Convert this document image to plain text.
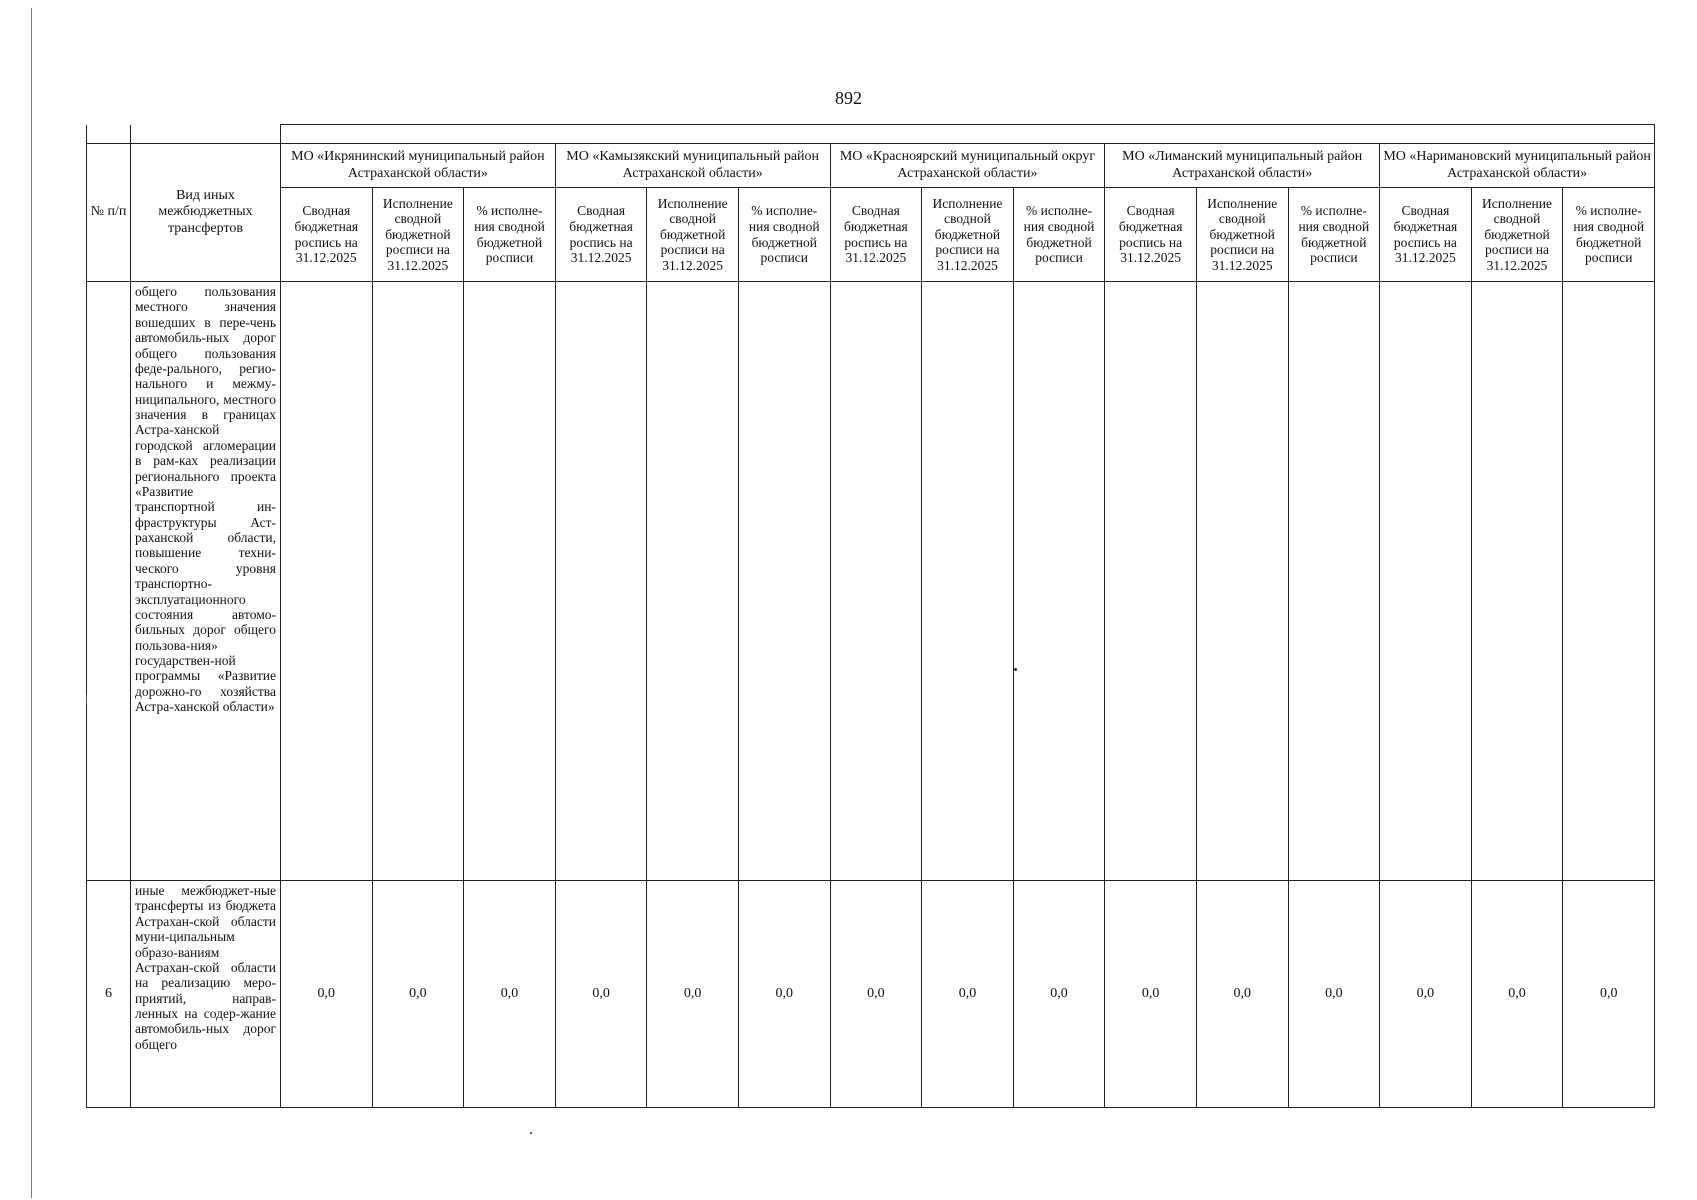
892

№ п/п	Вид иных межбюджетных трансфертов	МО «Икрянинский муниципальный район Астраханской области»			МО «Камызякский муниципальный район Астраханской области»			МО «Красноярский муниципальный округ Астраханской области»			МО «Лиманский муниципальный район Астраханской области»			МО «Наримановский муниципальный район Астраханской области»		
		Сводная бюджетная роспись на 31.12.2025	Исполнение сводной бюджетной росписи на 31.12.2025	% исполне-ния сводной бюджетной росписи	Сводная бюджетная роспись на 31.12.2025	Исполнение сводной бюджетной росписи на 31.12.2025	% исполне-ния сводной бюджетной росписи	Сводная бюджетная роспись на 31.12.2025	Исполнение сводной бюджетной росписи на 31.12.2025	% исполне-ния сводной бюджетной росписи	Сводная бюджетная роспись на 31.12.2025	Исполнение сводной бюджетной росписи на 31.12.2025	% исполне-ния сводной бюджетной росписи	Сводная бюджетная роспись на 31.12.2025	Исполнение сводной бюджетной росписи на 31.12.2025	% исполне-ния сводной бюджетной росписи
	общего пользования местного значения вошедших в пере-чень автомобиль-ных дорог общего пользования феде-рального, регио-нального и межму-ниципального, местного значения в границах Астра-ханской городской агломерации в рам-ках реализации регионального проекта «Развитие транспортной ин-фраструктуры Аст-раханской области, повышение техни-ческого уровня транспортно-эксплуатационного состояния автомо-бильных дорог общего пользова-ния» государствен-ной программы «Развитие дорожно-го хозяйства Астра-ханской области»															
6	иные межбюджет-ные трансферты из бюджета Астрахан-ской области муни-ципальным образо-ваниям Астрахан-ской области на реализацию меро-приятий, направ-ленных на содер-жание автомобиль-ных дорог общего	0,0	0,0	0,0	0,0	0,0	0,0	0,0	0,0	0,0	0,0	0,0	0,0	0,0	0,0	0,0
